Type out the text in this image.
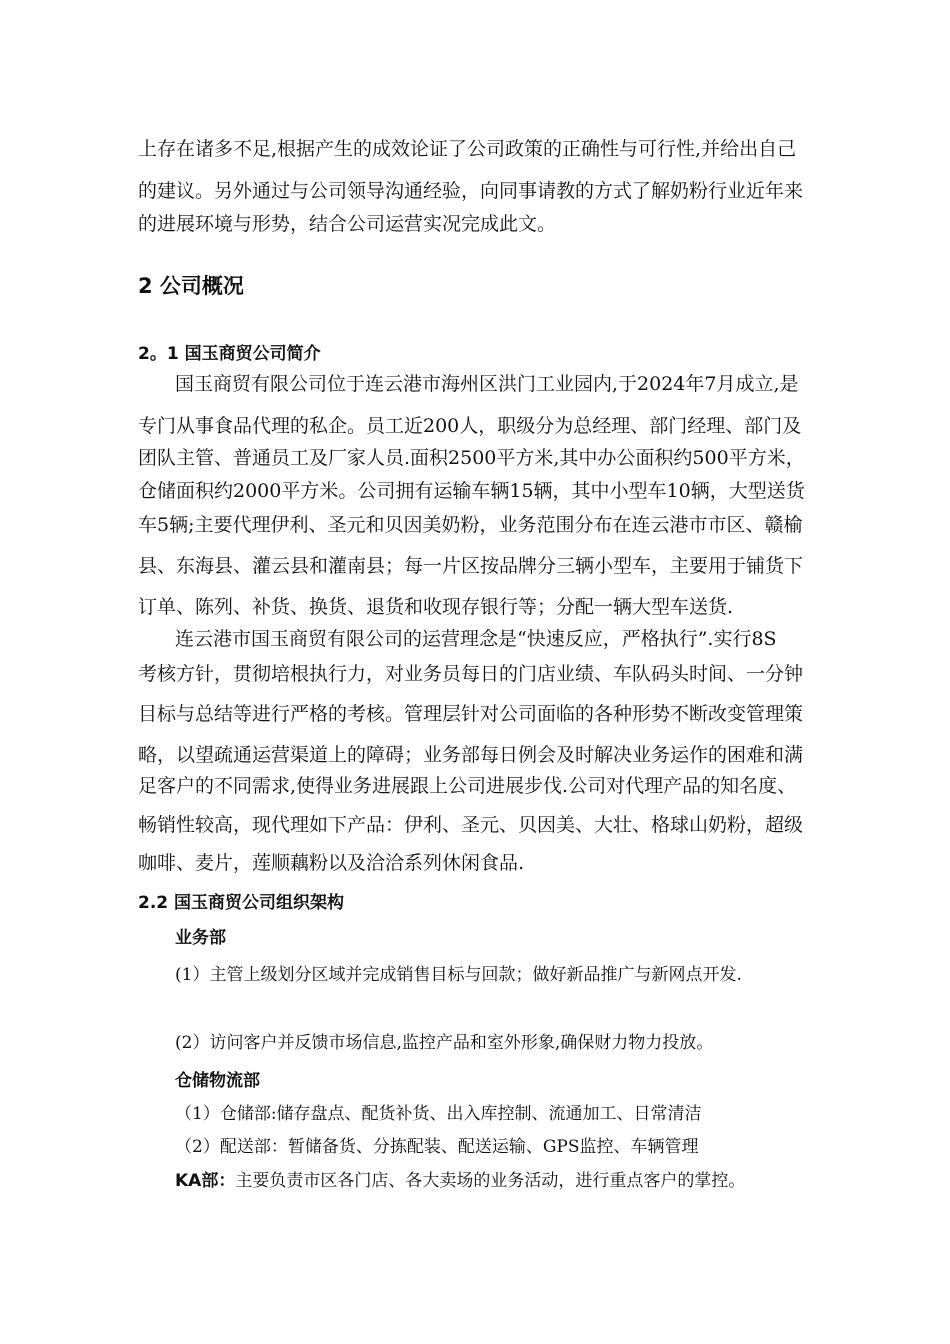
上存在诸多不足,根据产生的成效论证了公司政策的正确性与可行性,并给出自己
的建议。另外通过与公司领导沟通经验，向同事请教的方式了解奶粉行业近年来
的进展环境与形势，结合公司运营实况完成此文。
2 公司概况
2。1 国玉商贸公司简介
国玉商贸有限公司位于连云港市海州区洪门工业园内,于2024年7月成立,是
专门从事食品代理的私企。员工近200人，职级分为总经理、部门经理、部门及
团队主管、普通员工及厂家人员.面积2500平方米,其中办公面积约500平方米，
仓储面积约2000平方米。公司拥有运输车辆15辆，其中小型车10辆，大型送货
车5辆;主要代理伊利、圣元和贝因美奶粉，业务范围分布在连云港市市区、赣榆
县、东海县、灌云县和灌南县；每一片区按品牌分三辆小型车，主要用于铺货下
订单、陈列、补货、换货、退货和收现存银行等；分配一辆大型车送货.
连云港市国玉商贸有限公司的运营理念是“快速反应，严格执行”.实行8S
考核方针，贯彻培根执行力，对业务员每日的门店业绩、车队码头时间、一分钟
目标与总结等进行严格的考核。管理层针对公司面临的各种形势不断改变管理策
略，以望疏通运营渠道上的障碍；业务部每日例会及时解决业务运作的困难和满
足客户的不同需求,使得业务进展跟上公司进展步伐.公司对代理产品的知名度、
畅销性较高，现代理如下产品：伊利、圣元、贝因美、大壮、格球山奶粉，超级
咖啡、麦片，莲顺藕粉以及洽洽系列休闲食品.
2.2 国玉商贸公司组织架构
业务部
(1）主管上级划分区域并完成销售目标与回款；做好新品推广与新网点开发.
(2）访问客户并反馈市场信息,监控产品和室外形象,确保财力物力投放。
仓储物流部
（1）仓储部:储存盘点、配货补货、出入库控制、流通加工、日常清洁
（2）配送部：暂储备货、分拣配装、配送运输、GPS监控、车辆管理
KA部：主要负责市区各门店、各大卖场的业务活动，进行重点客户的掌控。
